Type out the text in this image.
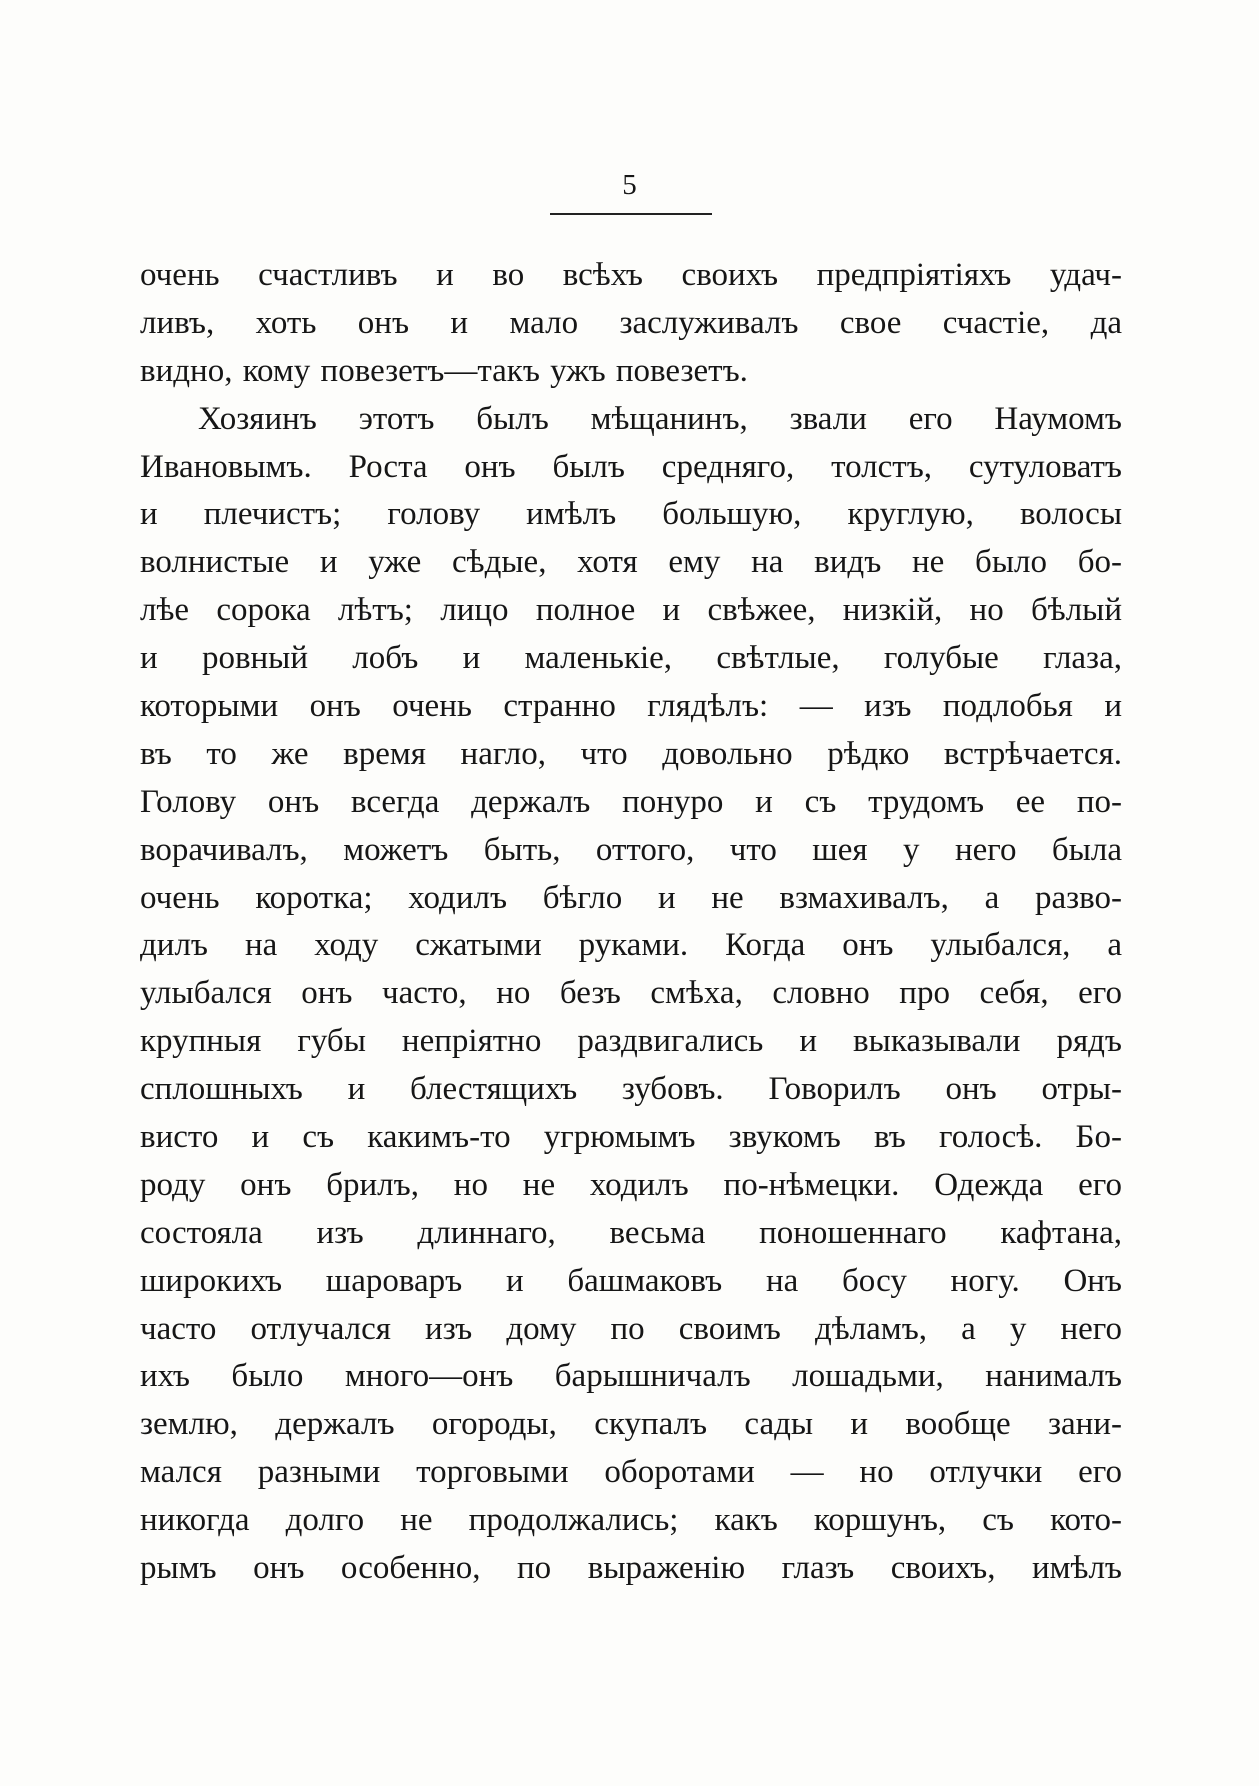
5
очень счастливъ и во всѣхъ своихъ предпріятіяхъ удач-
ливъ, хоть онъ и мало заслуживалъ свое счастіе, да
видно, кому повезетъ—такъ ужъ повезетъ.
Хозяинъ этотъ былъ мѣщанинъ, звали его Наумомъ
Ивановымъ. Роста онъ былъ средняго, толстъ, сутуловатъ
и плечистъ; голову имѣлъ большую, круглую, волосы
волнистые и уже сѣдые, хотя ему на видъ не было бо-
лѣе сорока лѣтъ; лицо полное и свѣжее, низкій, но бѣлый
и ровный лобъ и маленькіе, свѣтлые, голубые глаза,
которыми онъ очень странно глядѣлъ: — изъ подлобья и
въ то же время нагло, что довольно рѣдко встрѣчается.
Голову онъ всегда держалъ понуро и съ трудомъ ее по-
ворачивалъ, можетъ быть, оттого, что шея у него была
очень коротка; ходилъ бѣгло и не взмахивалъ, а разво-
дилъ на ходу сжатыми руками. Когда онъ улыбался, а
улыбался онъ часто, но безъ смѣха, словно про себя, его
крупныя губы непріятно раздвигались и выказывали рядъ
сплошныхъ и блестящихъ зубовъ. Говорилъ онъ отры-
висто и съ какимъ-то угрюмымъ звукомъ въ голосѣ. Бо-
роду онъ брилъ, но не ходилъ по-нѣмецки. Одежда его
состояла изъ длиннаго, весьма поношеннаго кафтана,
широкихъ шароваръ и башмаковъ на босу ногу. Онъ
часто отлучался изъ дому по своимъ дѣламъ, а у него
ихъ было много—онъ барышничалъ лошадьми, нанималъ
землю, держалъ огороды, скупалъ сады и вообще зани-
мался разными торговыми оборотами — но отлучки его
никогда долго не продолжались; какъ коршунъ, съ кото-
рымъ онъ особенно, по выраженію глазъ своихъ, имѣлъ
